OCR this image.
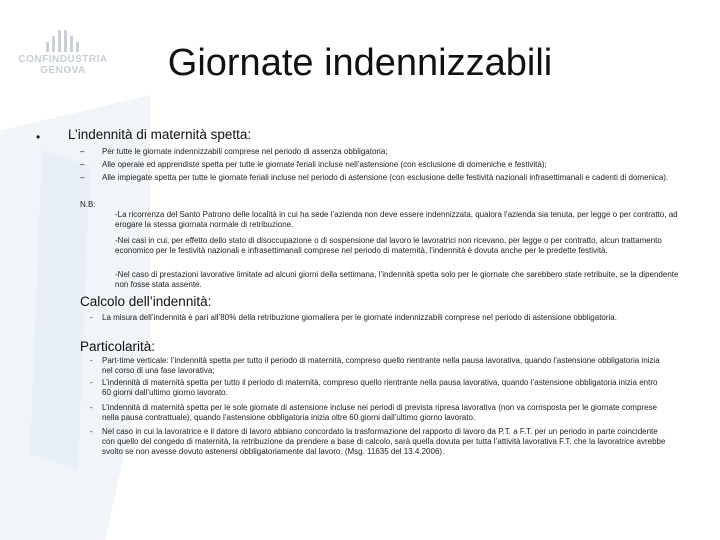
CONFINDUSTRIA
GENOVA	Giornate indennizzabili
• L’indennità di maternità spetta:
– Per tutte le giornate indennizzabili comprese nel periodo di assenza obbligatoria;
– Alle operaie ed apprendiste spetta per tutte le giornate feriali incluse nell’astensione (con esclusione di domeniche e festività);
– Alle impiegate spetta per tutte le giornate feriali incluse nel periodo di astensione (con esclusione delle festività nazionali infrasettimanali e cadenti di domenica).
N.B:
-La ricorrenza del Santo Patrono delle località in cui ha sede l’azienda non deve essere indennizzata, qualora l’azienda sia tenuta, per legge o per contratto, ad erogare la stessa giornata normale di retribuzione.
-Nei casi in cui, per effetto dello stato di disoccupazione o di sospensione dal lavoro le lavoratrici non ricevano, per legge o per contratto, alcun trattamento economico per le festività nazionali e infrasettimanali comprese nel periodo di maternità, l’indennità è dovuta anche per le predette festività.
-Nel caso di prestazioni lavorative limitate ad alcuni giorni della settimana, l’indennità spetta solo per le giornate che sarebbero state retribuite, se la dipendente non fosse stata assente.
Calcolo dell’indennità:
- La misura dell’indennità è pari all’80% della retribuzione giornaliera per le giornate indennizzabili comprese nel periodo di astensione obbligatoria.
Particolarità:
- Part-time verticale: l’indennità spetta per tutto il periodo di maternità, compreso quello rientrante nella pausa lavorativa, quando l’astensione obbligatoria inizia nel corso di una fase lavorativa;
- L’indennità di maternità spetta per tutto il periodo di maternità, compreso quello rientrante nella pausa lavorativa, quando l’astensione obbligatoria inizia entro 60 giorni dall’ultimo giorno lavorato.
- L’indennità di maternità spetta per le sole giornate di astensione incluse nei periodi di prevista ripresa lavorativa (non va corrisposta per le giornate comprese nella pausa contrattuale), quando l’astensione obbligatoria inizia oltre 60 giorni dall’ultimo giorno lavorato.
- Nel caso in cui la lavoratrice e il datore di lavoro abbiano concordato la trasformazione del rapporto di lavoro da P.T. a F.T. per un periodo in parte coincidente con quello del congedo di maternità, la retribuzione da prendere a base di calcolo, sarà quella dovuta per tutta l’attività lavorativa F.T. che la lavoratrice avrebbe svolto se non avesse dovuto astenersi obbligatoriamente dal lavoro. (Msg. 11635 del 13.4.2006).
